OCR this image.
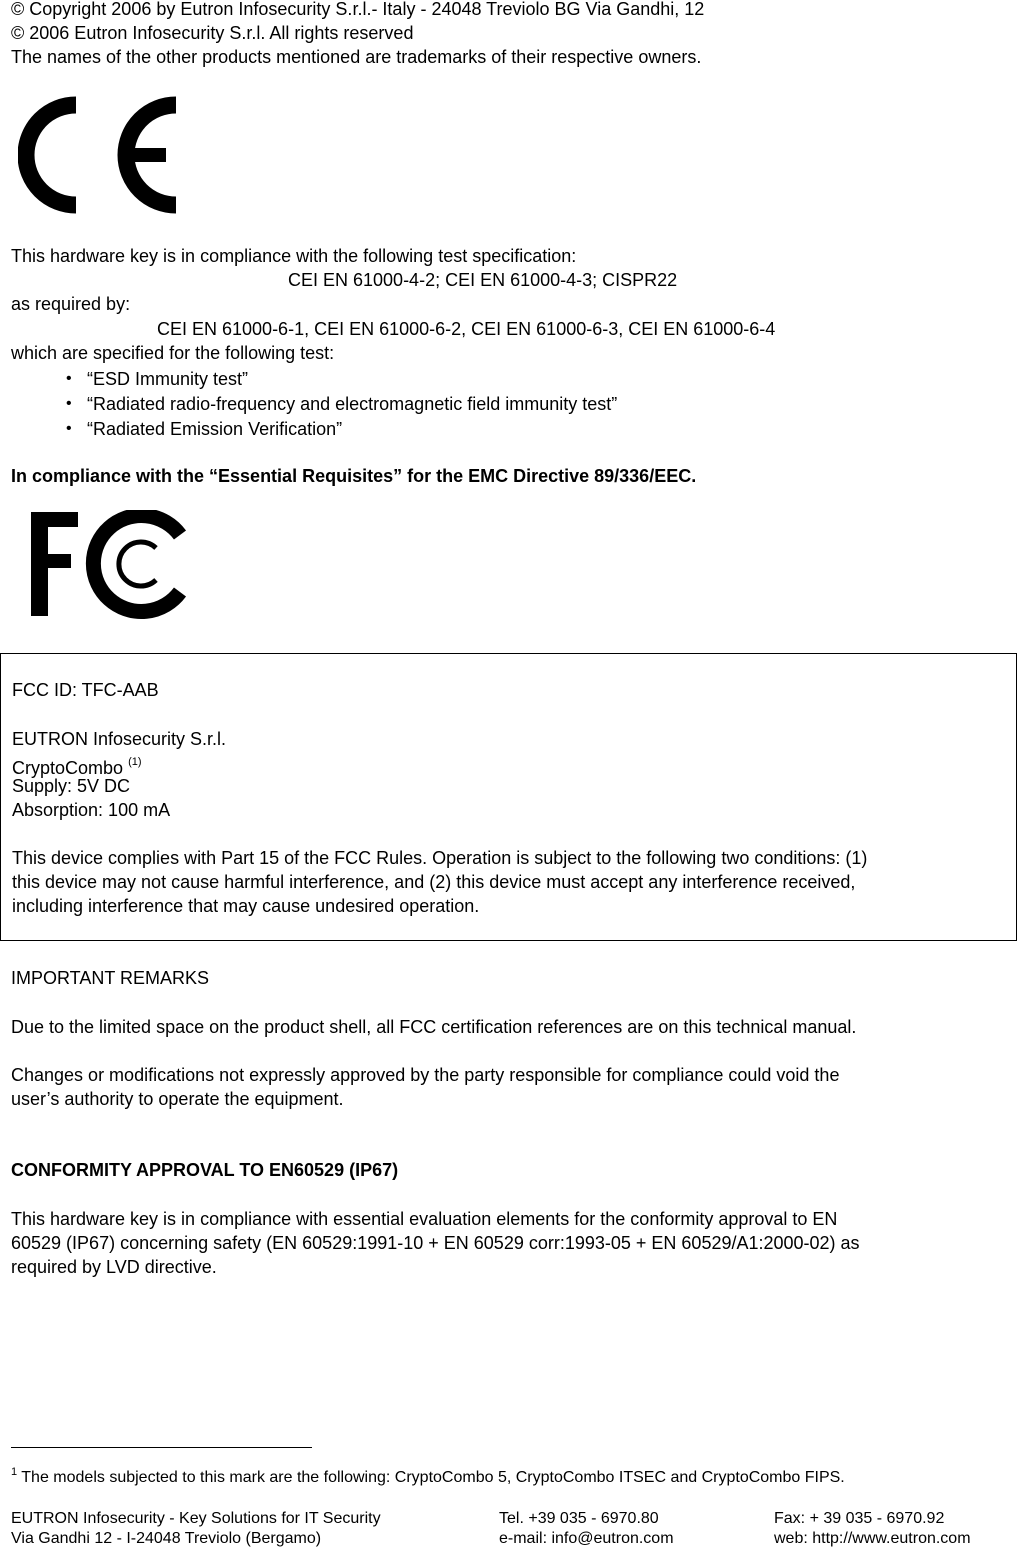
© Copyright 2006 by Eutron Infosecurity S.r.l.- Italy - 24048 Treviolo BG Via Gandhi, 12
© 2006 Eutron Infosecurity S.r.l. All rights reserved
The names of the other products mentioned are trademarks of their respective owners.
This hardware key is in compliance with the following test specification:
CEI EN 61000-4-2; CEI EN 61000-4-3; CISPR22
as required by:
CEI EN 61000-6-1, CEI EN 61000-6-2, CEI EN 61000-6-3, CEI EN 61000-6-4
which are specified for the following test:
• “ESD Immunity test”
• “Radiated radio-frequency and electromagnetic field immunity test”
• “Radiated Emission Verification”
In compliance with the “Essential Requisites” for the EMC Directive 89/336/EEC.
FCC ID: TFC-AAB
EUTRON Infosecurity S.r.l.
CryptoCombo $^{(1)}$
Supply: 5V DC
Absorption: 100 mA
This device complies with Part 15 of the FCC Rules. Operation is subject to the following two conditions: (1)
this device may not cause harmful interference, and (2) this device must accept any interference received,
including interference that may cause undesired operation.
IMPORTANT REMARKS
Due to the limited space on the product shell, all FCC certification references are on this technical manual.
Changes or modifications not expressly approved by the party responsible for compliance could void the
user’s authority to operate the equipment.
CONFORMITY APPROVAL TO EN60529 (IP67)
This hardware key is in compliance with essential evaluation elements for the conformity approval to EN
60529 (IP67) concerning safety (EN 60529:1991-10 + EN 60529 corr:1993-05 + EN 60529/A1:2000-02) as
required by LVD directive.
$^1$ The models subjected to this mark are the following: CryptoCombo 5, CryptoCombo ITSEC and CryptoCombo FIPS.
EUTRON Infosecurity - Key Solutions for IT Security
Via Gandhi 12 - I-24048 Treviolo (Bergamo)
Tel. +39 035 - 6970.80
e-mail: info@eutron.com
Fax: + 39 035 - 6970.92
web: http://www.eutron.com
